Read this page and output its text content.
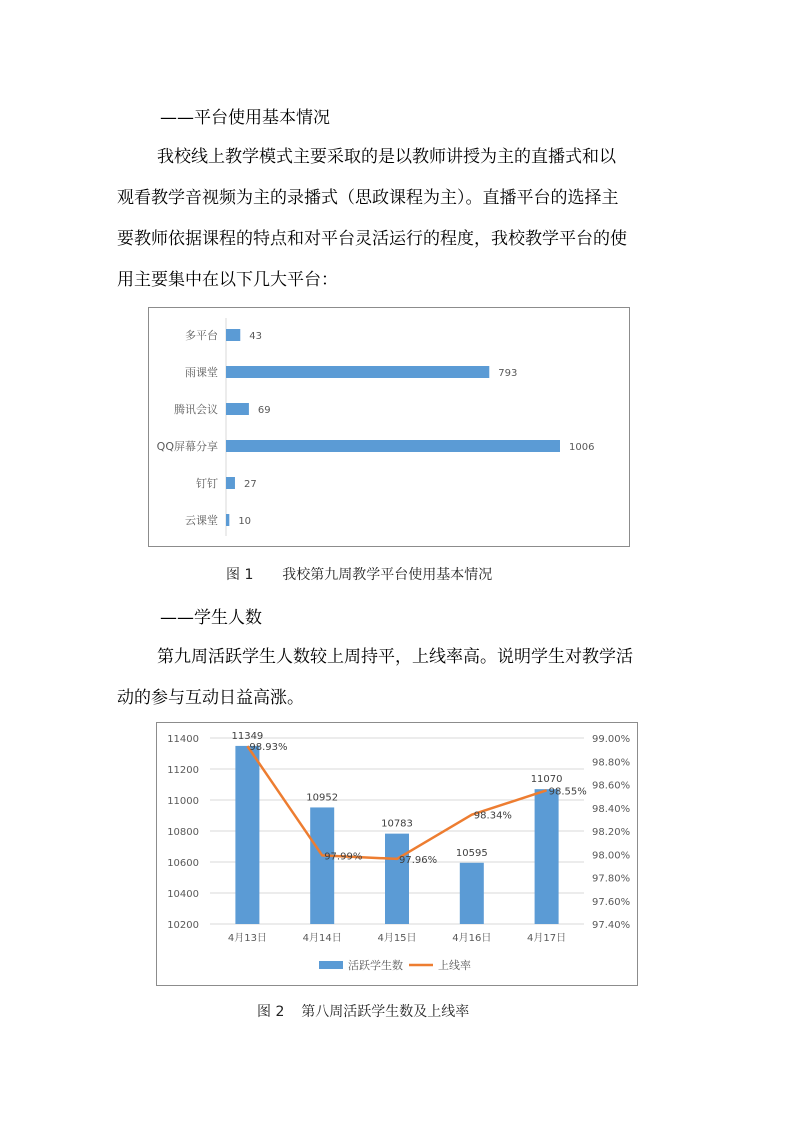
——平台使用基本情况
我校线上教学模式主要采取的是以教师讲授为主的直播式和以
观看教学音视频为主的录播式（思政课程为主）。直播平台的选择主
要教师依据课程的特点和对平台灵活运行的程度，我校教学平台的使
用主要集中在以下几大平台：
多平台	43
雨课堂	793
腾讯会议	69
QQ屏幕分享	1006
钉钉	27
云课堂 10
图 1 我校第九周教学平台使用基本情况
——学生人数
第九周活跃学生人数较上周持平，上线率高。说明学生对教学活
动的参与互动日益高涨。
11400
11200
11000
10800
10600
10400
10200
99.00%
98.80%
98.60%
98.40%
98.20%
98.00%
97.80%
97.60%
97.40%
11349
4月13日
10952
4月14日
10783
4月15日
10595
4月16日
11070
4月17日
98.93%
97.99%	97.96%
98.34%
98.55%
活跃学生数	上线率
图 2 第八周活跃学生数及上线率
